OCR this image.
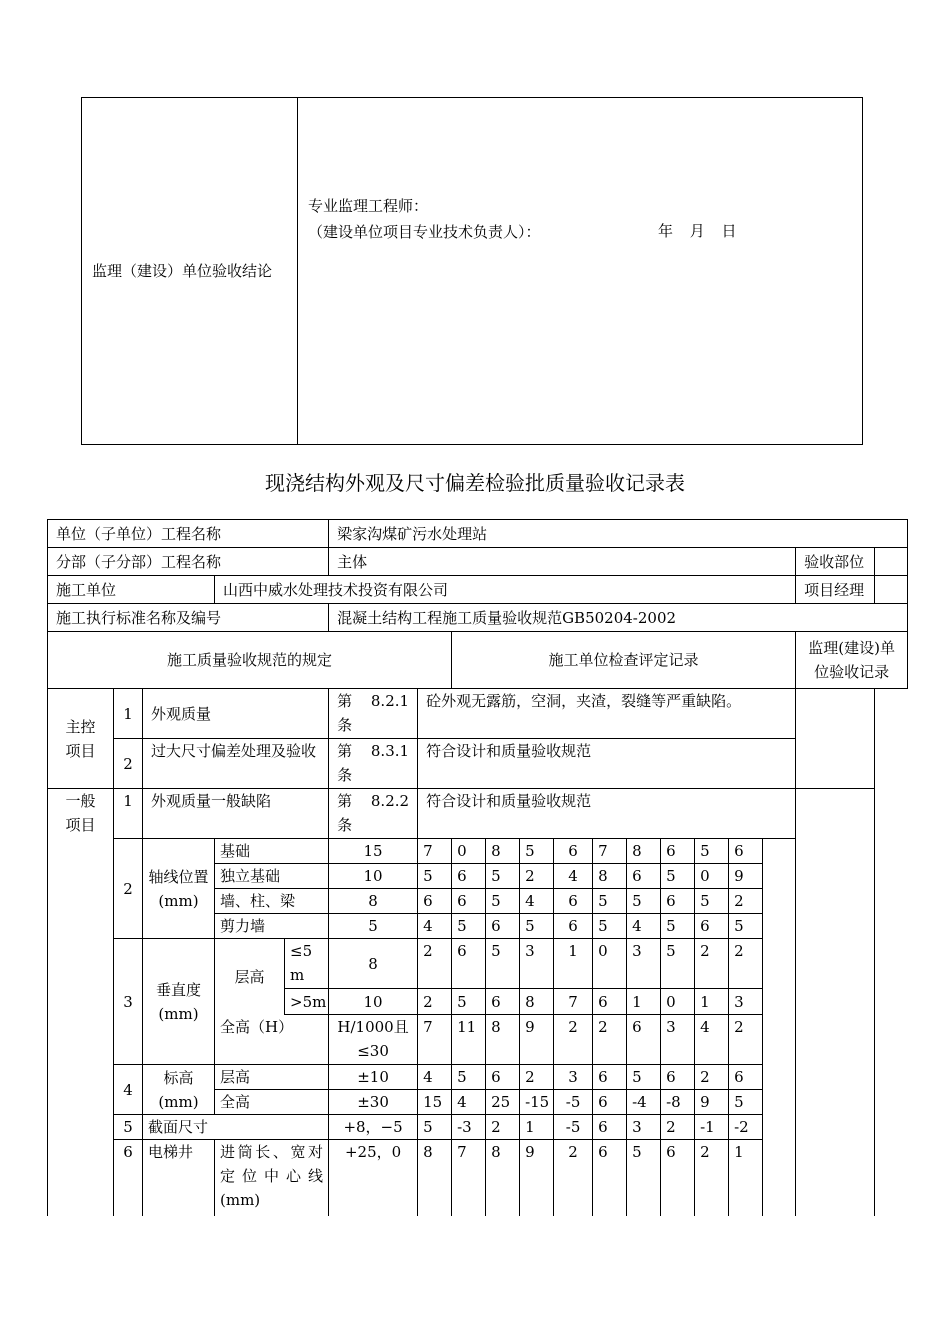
监理（建设）单位验收结论	
专业监理工程师：
（建设单位项目专业技术负责人）：	年 月 日
现浇结构外观及尺寸偏差检验批质量验收记录表
单位（子单位）工程名称					梁家沟煤矿污水处理站												
分部（子分部）工程名称					主体											验收部位	
施工单位			山西中威水处理技术投资有限公司													项目经理	
施工执行标准名称及编号					混凝土结构工程施工质量验收规范GB50204-2002												
施工质量验收规范的规定							施工单位检查评定记录									监理(建设)单位验收记录	
主控项目	1	外观质量			第 8.2.1
条	砼外观无露筋，空洞，夹渣，裂缝等严重缺陷。											
	2	过大尺寸偏差处理及验收			第 8.3.1
条	符合设计和质量验收规范											
一般项目	1	外观质量一般缺陷			第 8.2.2
条	符合设计和质量验收规范											
	2	轴线位置(mm)	基础		15	7	0	8	5	6	7	8	6	5	6		
			独立基础		10	5	6	5	2	4	8	6	5	0	9		
			墙、柱、梁		8	6	6	5	4	6	5	5	6	5	2		
			剪力墙		5	4	5	6	5	6	5	4	5	6	5		
	3	垂直度(mm)	层高	≤5m	8	2	6	5	3	1	0	3	5	2	2		
				>5m	10	2	5	6	8	7	6	1	0	1	3		
			全高（H）		H/1000且
≤30	7	11	8	9	2	2	6	3	4	2		
	4	标高(mm)	层高		±10	4	5	6	2	3	6	5	6	2	6		
			全高		±30	15	4	25	-15	-5	6	-4	-8	9	5		
	5	截面尺寸			+8，−5	5	-3	2	1	-5	6	3	2	-1	-2		
	6	电梯井	进筒长、宽对定位中心线(mm)		+25，0	8	7	8	9	2	6	5	6	2	1		
